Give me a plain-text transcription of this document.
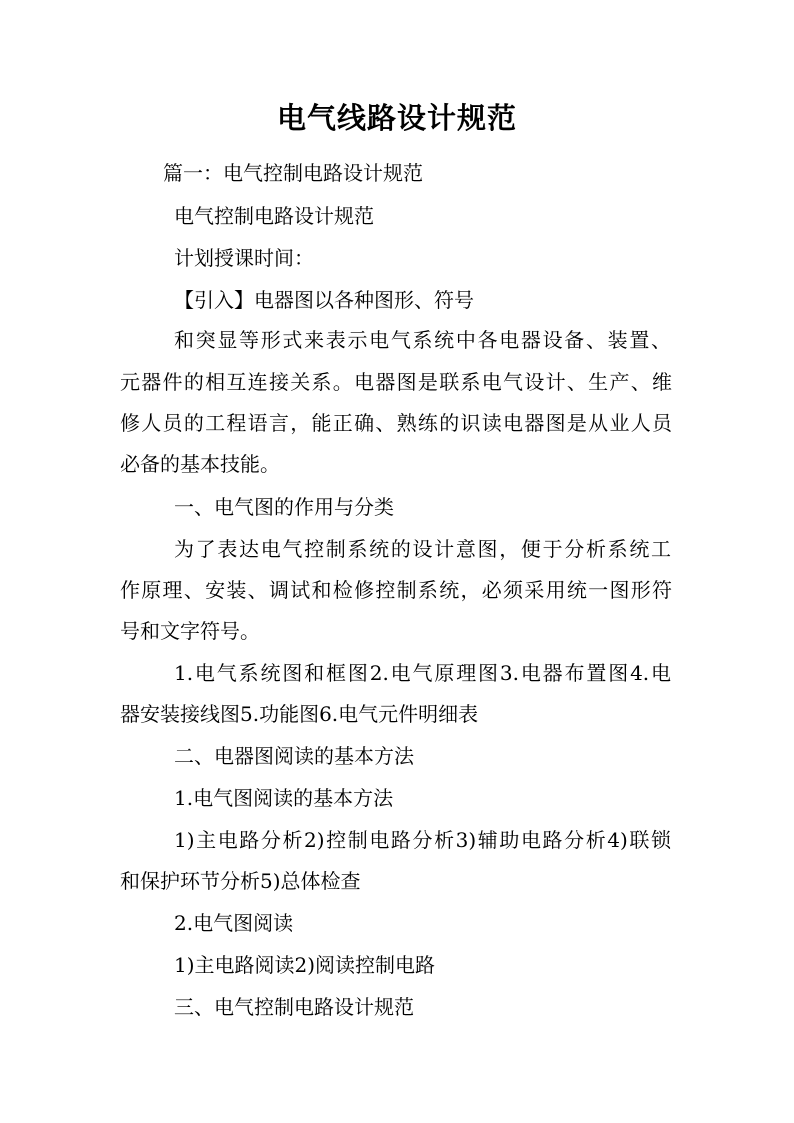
电气线路设计规范
篇一：电气控制电路设计规范
电气控制电路设计规范
计划授课时间：
【引入】电器图以各种图形、符号
和突显等形式来表示电气系统中各电器设备、装置、
元器件的相互连接关系。电器图是联系电气设计、生产、维
修人员的工程语言，能正确、熟练的识读电器图是从业人员
必备的基本技能。
一、电气图的作用与分类
为了表达电气控制系统的设计意图，便于分析系统工
作原理、安装、调试和检修控制系统，必须采用统一图形符
号和文字符号。
1.电气系统图和框图2.电气原理图3.电器布置图4.电
器安装接线图5.功能图6.电气元件明细表
二、电器图阅读的基本方法
1.电气图阅读的基本方法
1)主电路分析2)控制电路分析3)辅助电路分析4)联锁
和保护环节分析5)总体检查
2.电气图阅读
1)主电路阅读2)阅读控制电路
三、电气控制电路设计规范
